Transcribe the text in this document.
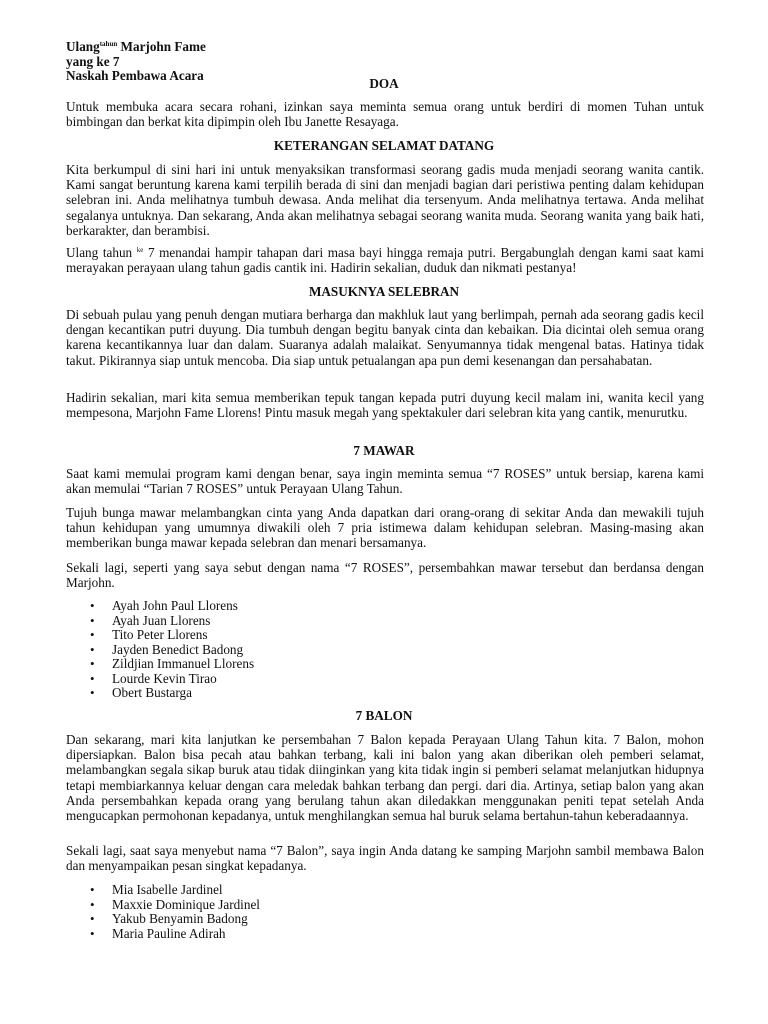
Ulang$^{tahun}$ Marjohn Fame
yang ke 7
Naskah Pembawa Acara
DOA

Untuk membuka acara secara rohani, izinkan saya meminta semua orang untuk berdiri di momen Tuhan untuk bimbingan dan berkat kita dipimpin oleh Ibu Janette Resayaga.

KETERANGAN SELAMAT DATANG

Kita berkumpul di sini hari ini untuk menyaksikan transformasi seorang gadis muda menjadi seorang wanita cantik. Kami sangat beruntung karena kami terpilih berada di sini dan menjadi bagian dari peristiwa penting dalam kehidupan selebran ini. Anda melihatnya tumbuh dewasa. Anda melihat dia tersenyum. Anda melihatnya tertawa. Anda melihat segalanya untuknya. Dan sekarang, Anda akan melihatnya sebagai seorang wanita muda. Seorang wanita yang baik hati, berkarakter, dan berambisi.

Ulang tahun $^{ke}$ 7 menandai hampir tahapan dari masa bayi hingga remaja putri. Bergabunglah dengan kami saat kami merayakan perayaan ulang tahun gadis cantik ini. Hadirin sekalian, duduk dan nikmati pestanya!

MASUKNYA SELEBRAN

Di sebuah pulau yang penuh dengan mutiara berharga dan makhluk laut yang berlimpah, pernah ada seorang gadis kecil dengan kecantikan putri duyung. Dia tumbuh dengan begitu banyak cinta dan kebaikan. Dia dicintai oleh semua orang karena kecantikannya luar dan dalam. Suaranya adalah malaikat. Senyumannya tidak mengenal batas. Hatinya tidak takut. Pikirannya siap untuk mencoba. Dia siap untuk petualangan apa pun demi kesenangan dan persahabatan.

Hadirin sekalian, mari kita semua memberikan tepuk tangan kepada putri duyung kecil malam ini, wanita kecil yang mempesona, Marjohn Fame Llorens! Pintu masuk megah yang spektakuler dari selebran kita yang cantik, menurutku.

7 MAWAR

Saat kami memulai program kami dengan benar, saya ingin meminta semua “7 ROSES” untuk bersiap, karena kami akan memulai “Tarian 7 ROSES” untuk Perayaan Ulang Tahun.

Tujuh bunga mawar melambangkan cinta yang Anda dapatkan dari orang-orang di sekitar Anda dan mewakili tujuh tahun kehidupan yang umumnya diwakili oleh 7 pria istimewa dalam kehidupan selebran. Masing-masing akan memberikan bunga mawar kepada selebran dan menari bersamanya.

Sekali lagi, seperti yang saya sebut dengan nama “7 ROSES”, persembahkan mawar tersebut dan berdansa dengan Marjohn.

• Ayah John Paul Llorens
• Ayah Juan Llorens
• Tito Peter Llorens
• Jayden Benedict Badong
• Zildjian Immanuel Llorens
• Lourde Kevin Tirao
• Obert Bustarga
7 BALON

Dan sekarang, mari kita lanjutkan ke persembahan 7 Balon kepada Perayaan Ulang Tahun kita. 7 Balon, mohon dipersiapkan. Balon bisa pecah atau bahkan terbang, kali ini balon yang akan diberikan oleh pemberi selamat, melambangkan segala sikap buruk atau tidak diinginkan yang kita tidak ingin si pemberi selamat melanjutkan hidupnya tetapi membiarkannya keluar dengan cara meledak bahkan terbang dan pergi. dari dia. Artinya, setiap balon yang akan Anda persembahkan kepada orang yang berulang tahun akan diledakkan menggunakan peniti tepat setelah Anda mengucapkan permohonan kepadanya, untuk menghilangkan semua hal buruk selama bertahun-tahun keberadaannya.

Sekali lagi, saat saya menyebut nama “7 Balon”, saya ingin Anda datang ke samping Marjohn sambil membawa Balon dan menyampaikan pesan singkat kepadanya.

• Mia Isabelle Jardinel
• Maxxie Dominique Jardinel
• Yakub Benyamin Badong
• Maria Pauline Adirah
